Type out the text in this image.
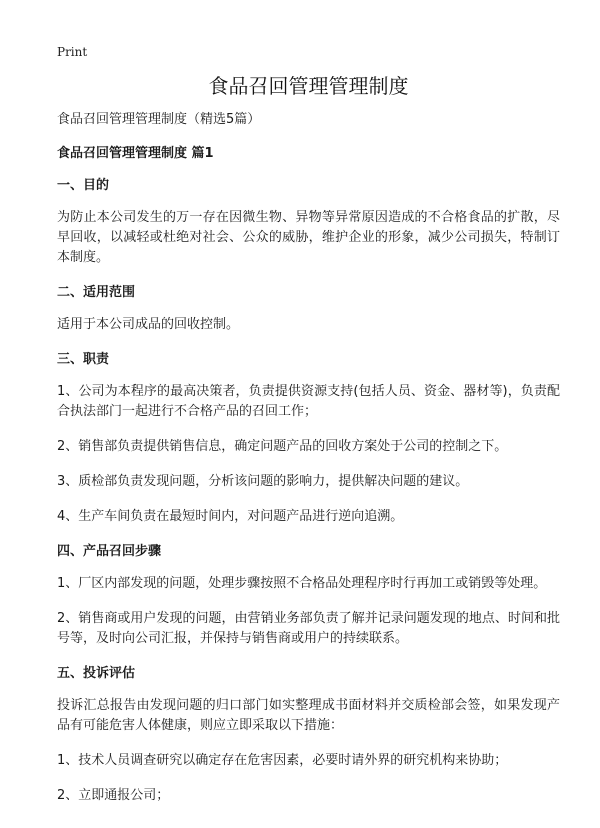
Print

食品召回管理管理制度

食品召回管理管理制度（精选5篇）

食品召回管理管理制度 篇1

一、目的

为防止本公司发生的万一存在因微生物、异物等异常原因造成的不合格食品的扩散，尽早回收，以减轻或杜绝对社会、公众的威胁，维护企业的形象，减少公司损失，特制订本制度。

二、适用范围

适用于本公司成品的回收控制。

三、职责

1、公司为本程序的最高决策者，负责提供资源支持(包括人员、资金、器材等)，负责配合执法部门一起进行不合格产品的召回工作；

2、销售部负责提供销售信息，确定问题产品的回收方案处于公司的控制之下。

3、质检部负责发现问题，分析该问题的影响力，提供解决问题的建议。

4、生产车间负责在最短时间内，对问题产品进行逆向追溯。

四、产品召回步骤

1、厂区内部发现的问题，处理步骤按照不合格品处理程序时行再加工或销毁等处理。

2、销售商或用户发现的问题，由营销业务部负责了解并记录问题发现的地点、时间和批号等，及时向公司汇报，并保持与销售商或用户的持续联系。

五、投诉评估

投诉汇总报告由发现问题的归口部门如实整理成书面材料并交质检部会签，如果发现产品有可能危害人体健康，则应立即采取以下措施：

1、技术人员调查研究以确定存在危害因素，必要时请外界的研究机构来协助；

2、立即通报公司；
